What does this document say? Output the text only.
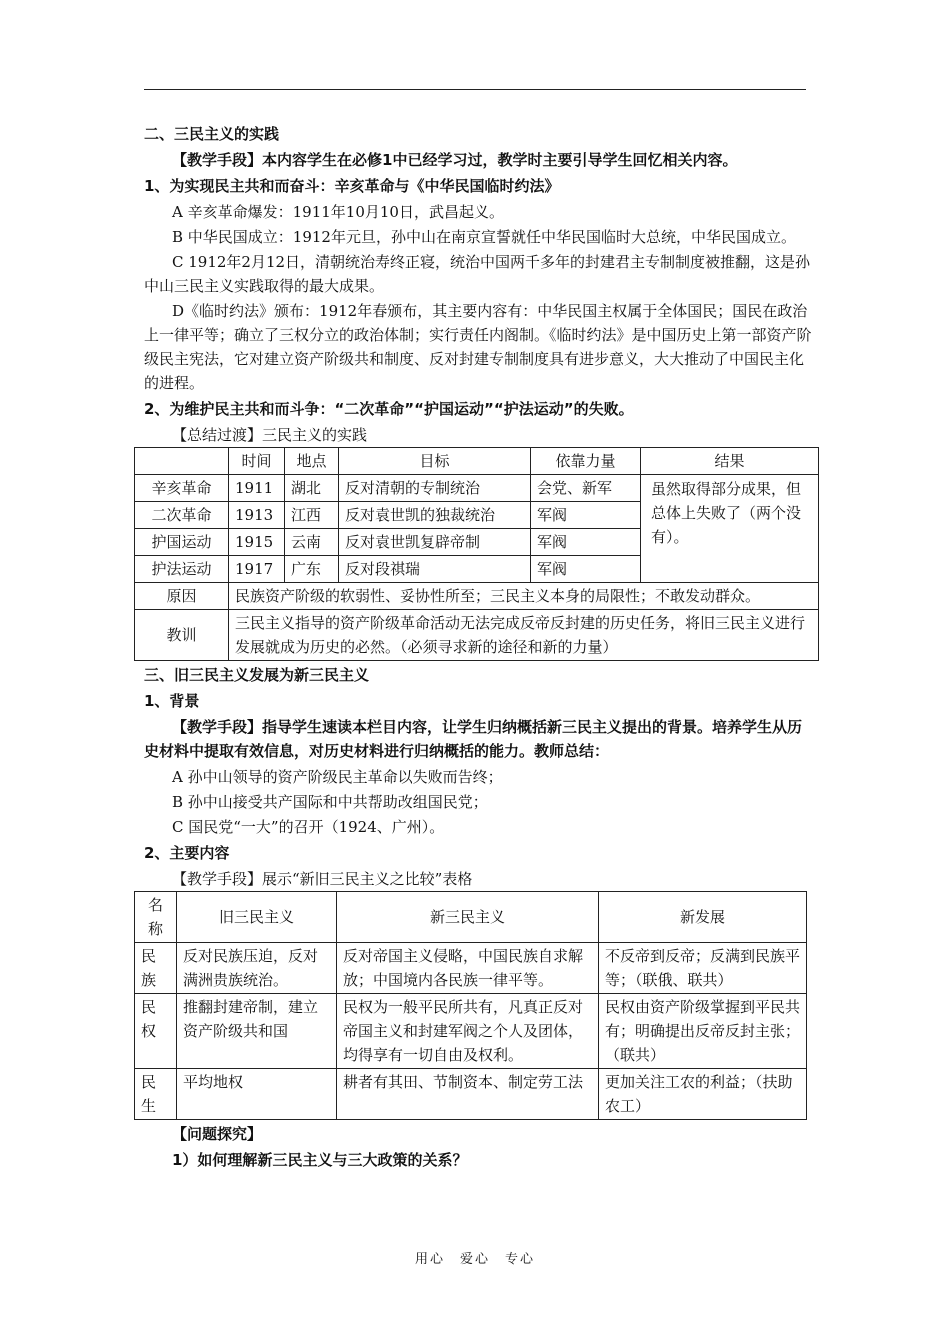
二、三民主义的实践
【教学手段】本内容学生在必修1中已经学习过，教学时主要引导学生回忆相关内容。
1、为实现民主共和而奋斗：辛亥革命与《中华民国临时约法》
A 辛亥革命爆发：1911年10月10日，武昌起义。
B 中华民国成立：1912年元旦，孙中山在南京宣誓就任中华民国临时大总统，中华民国成立。
C 1912年2月12日，清朝统治寿终正寝，统治中国两千多年的封建君主专制制度被推翻，这是孙中山三民主义实践取得的最大成果。
D《临时约法》颁布：1912年春颁布，其主要内容有：中华民国主权属于全体国民；国民在政治上一律平等；确立了三权分立的政治体制；实行责任内阁制。《临时约法》是中国历史上第一部资产阶级民主宪法，它对建立资产阶级共和制度、反对封建专制制度具有进步意义，大大推动了中国民主化的进程。
2、为维护民主共和而斗争：“二次革命”“护国运动”“护法运动”的失败。
【总结过渡】三民主义的实践
	时间	地点	目标	依靠力量	结果
辛亥革命	1911	湖北	反对清朝的专制统治	会党、新军	虽然取得部分成果，但总体上失败了（两个没有）。
二次革命	1913	江西	反对袁世凯的独裁统治	军阀	
护国运动	1915	云南	反对袁世凯复辟帝制	军阀	
护法运动	1917	广东	反对段祺瑞	军阀	
原因	民族资产阶级的软弱性、妥协性所至；三民主义本身的局限性；不敢发动群众。				
教训	三民主义指导的资产阶级革命活动无法完成反帝反封建的历史任务，将旧三民主义进行发展就成为历史的必然。（必须寻求新的途径和新的力量）				
三、旧三民主义发展为新三民主义
1、背景
【教学手段】指导学生速读本栏目内容，让学生归纳概括新三民主义提出的背景。培养学生从历史材料中提取有效信息，对历史材料进行归纳概括的能力。教师总结：
A 孙中山领导的资产阶级民主革命以失败而告终；
B 孙中山接受共产国际和中共帮助改组国民党；
C 国民党“一大”的召开（1924、广州）。
2、主要内容
【教学手段】展示“新旧三民主义之比较”表格
名称	旧三民主义	新三民主义	新发展
民族	反对民族压迫，反对满洲贵族统治。	反对帝国主义侵略，中国民族自求解放；中国境内各民族一律平等。	不反帝到反帝；反满到民族平等；（联俄、联共）
民权	推翻封建帝制，建立资产阶级共和国	民权为一般平民所共有，凡真正反对帝国主义和封建军阀之个人及团体，均得享有一切自由及权利。	民权由资产阶级掌握到平民共有；明确提出反帝反封主张；（联共）
民生	平均地权	耕者有其田、节制资本、制定劳工法	更加关注工农的利益；（扶助农工）
【问题探究】
1）如何理解新三民主义与三大政策的关系？
用心　爱心　专心
